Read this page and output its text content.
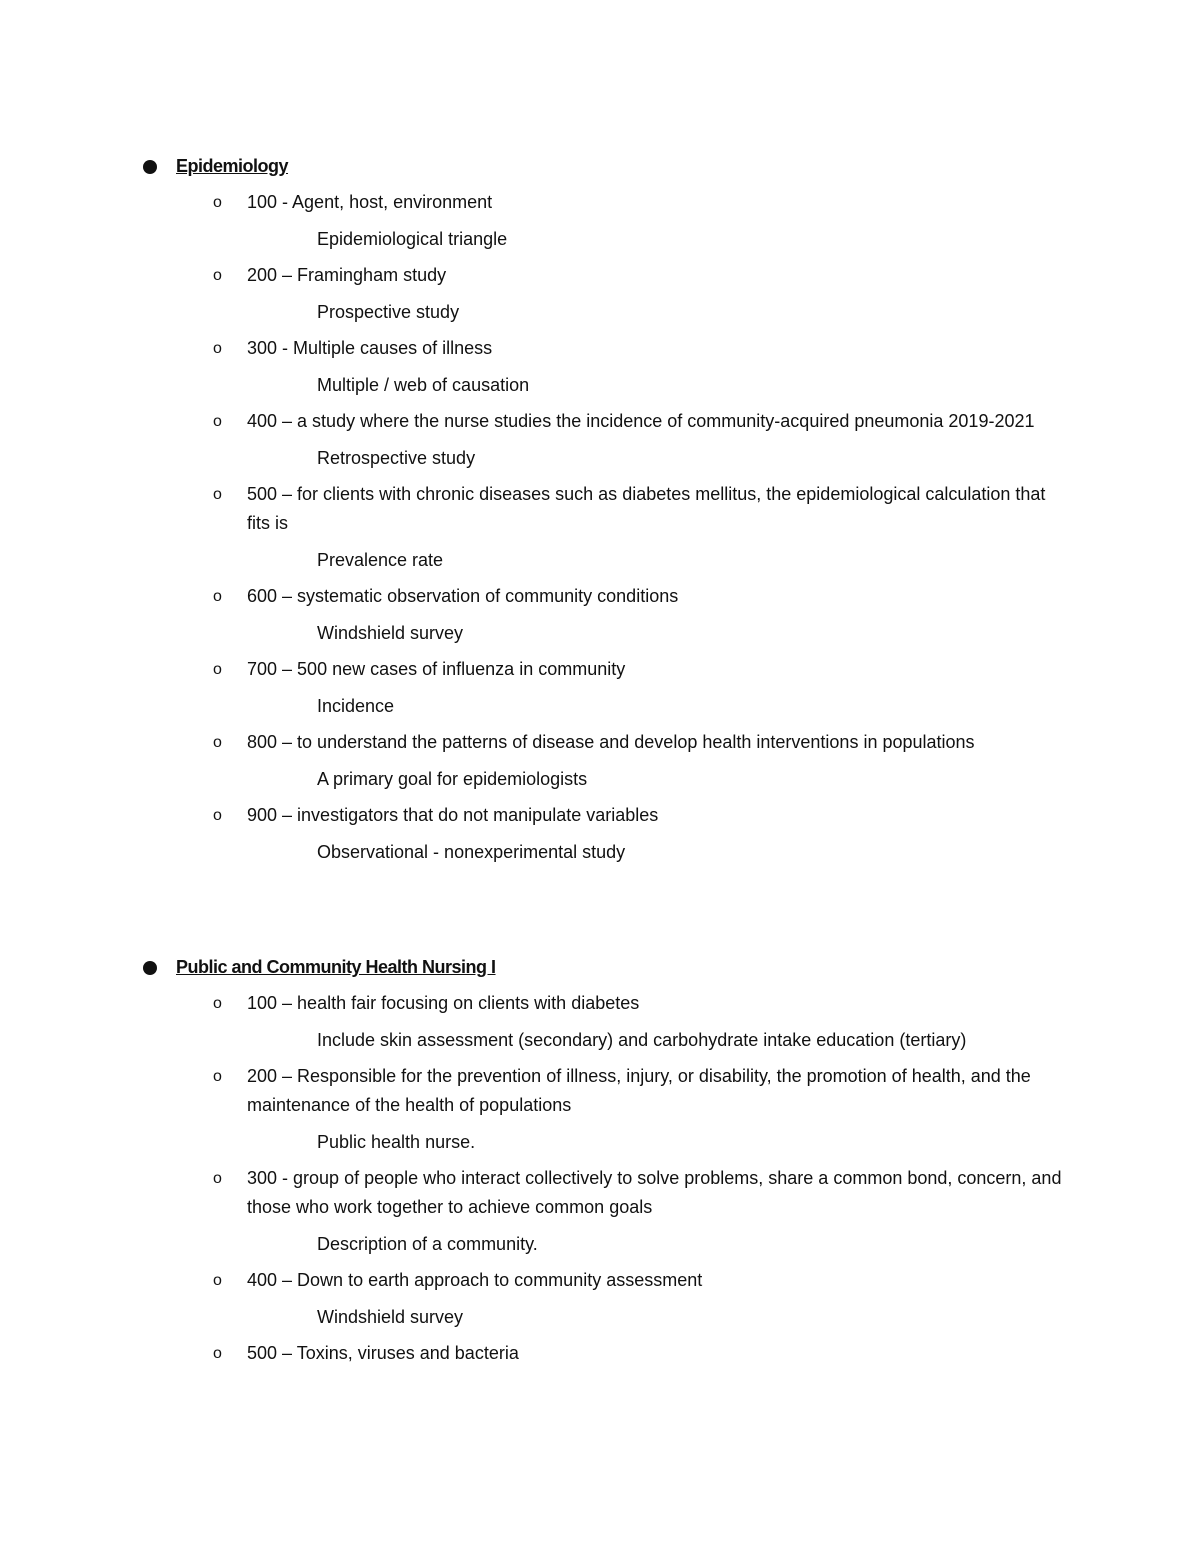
Epidemiology
o 100 - Agent, host, environment
Epidemiological triangle
o 200 – Framingham study
Prospective study
o 300 - Multiple causes of illness
Multiple / web of causation
o 400 – a study where the nurse studies the incidence of community-acquired pneumonia 2019-2021
Retrospective study
o 500 – for clients with chronic diseases such as diabetes mellitus, the epidemiological calculation that fits is
Prevalence rate
o 600 – systematic observation of community conditions
Windshield survey
o 700 – 500 new cases of influenza in community
Incidence
o 800 – to understand the patterns of disease and develop health interventions in populations
A primary goal for epidemiologists
o 900 – investigators that do not manipulate variables
Observational - nonexperimental study
Public and Community Health Nursing I
o 100 – health fair focusing on clients with diabetes
Include skin assessment (secondary) and carbohydrate intake education (tertiary)
o 200 – Responsible for the prevention of illness, injury, or disability, the promotion of health, and the maintenance of the health of populations
Public health nurse.
o 300 - group of people who interact collectively to solve problems, share a common bond, concern, and those who work together to achieve common goals
Description of a community.
o 400 – Down to earth approach to community assessment
Windshield survey
o 500 – Toxins, viruses and bacteria
